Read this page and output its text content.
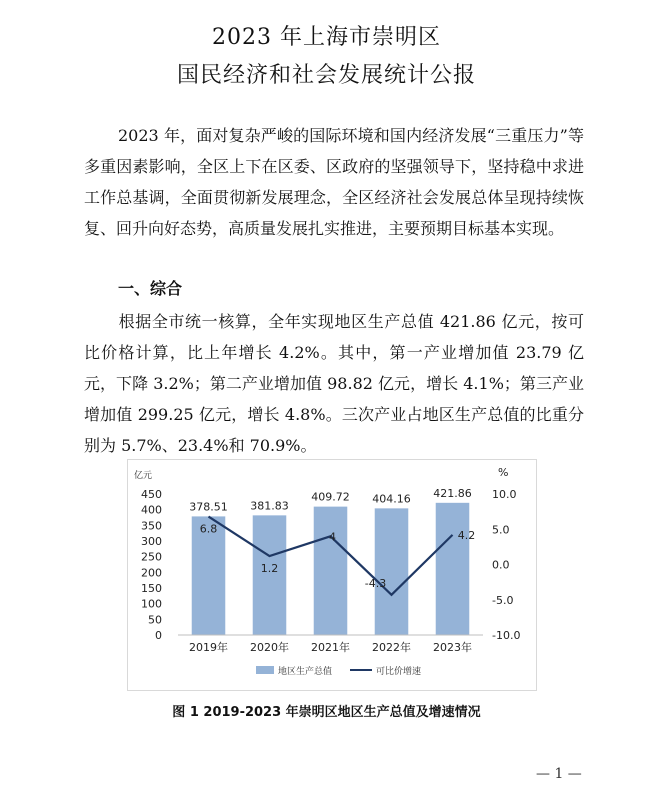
2023 年上海市崇明区
国民经济和社会发展统计公报

2023 年，面对复杂严峻的国际环境和国内经济发展“三重压力”等多重因素影响，全区上下在区委、区政府的坚强领导下，坚持稳中求进工作总基调，全面贯彻新发展理念，全区经济社会发展总体呈现持续恢复、回升向好态势，高质量发展扎实推进，主要预期目标基本实现。

一、综合

根据全市统一核算，全年实现地区生产总值 421.86 亿元，按可比价格计算，比上年增长 4.2%。其中，第一产业增加值 23.79 亿元，下降 3.2%；第二产业增加值 98.82 亿元，增长 4.1%；第三产业增加值 299.25 亿元，增长 4.8%。三次产业占地区生产总值的比重分别为 5.7%、23.4%和 70.9%。

亿元	%
0
50
100
150
200
250
300
350
400
450
-10.0
-5.0
0.0
5.0
10.0
378.51 381.83
409.72 404.16 421.86
6.8
1.2
4
-4.3
4.2
2019年 2020年 2021年 2022年 2023年
地区生产总值	可比价增速
图 1 2019-2023 年崇明区地区生产总值及增速情况
— 1 —
